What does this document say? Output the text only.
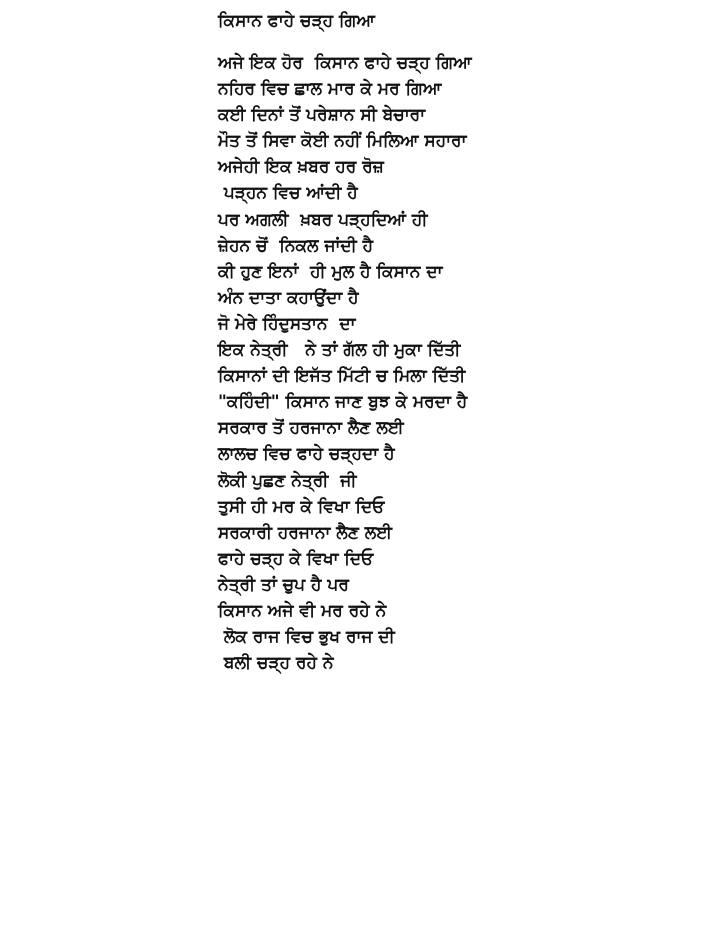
ਕਿਸਾਨ ਫਾਹੇ ਚੜ੍ਹ ਗਿਆ
ਅਜੇ ਇਕ ਹੋਰ  ਕਿਸਾਨ ਫਾਹੇ ਚੜ੍ਹ ਗਿਆ
ਨਹਿਰ ਵਿਚ ਛਾਲ ਮਾਰ ਕੇ ਮਰ ਗਿਆ
ਕਈ ਦਿਨਾਂ ਤੋਂ ਪਰੇਸ਼ਾਨ ਸੀ ਬੇਚਾਰਾ
ਮੌਤ ਤੋਂ ਸਿਵਾ ਕੋਈ ਨਹੀਂ ਮਿਲਿਆ ਸਹਾਰਾ
ਅਜੇਹੀ ਇਕ ਖ਼ਬਰ ਹਰ ਰੋਜ਼
ਪੜ੍ਹਨ ਵਿਚ ਆਂਦੀ ਹੈ
ਪਰ ਅਗਲੀ  ਖ਼ਬਰ ਪੜ੍ਹਦਿਆਂ ਹੀ
ਜ਼ੇਹਨ ਚੋਂ  ਨਿਕਲ ਜਾਂਦੀ ਹੈ
ਕੀ ਹੁਣ ਇਨਾਂ  ਹੀ ਮੁਲ ਹੈ ਕਿਸਾਨ ਦਾ
ਅੰਨ ਦਾਤਾ ਕਹਾਉਂਦਾ ਹੈ
ਜੋ ਮੇਰੇ ਹਿੰਦੁਸਤਾਨ  ਦਾ
ਇਕ ਨੇਤ੍ਰੀ   ਨੇ ਤਾਂ ਗੱਲ ਹੀ ਮੁਕਾ ਦਿੱਤੀ
ਕਿਸਾਨਾਂ ਦੀ ਇਜੱਤ ਮਿੱਟੀ ਚ ਮਿਲਾ ਦਿੱਤੀ
"ਕਹਿੰਦੀ" ਕਿਸਾਨ ਜਾਣ ਬੁਝ ਕੇ ਮਰਦਾ ਹੈ
ਸਰਕਾਰ ਤੋਂ ਹਰਜਾਨਾ ਲੈਣ ਲਈ
ਲਾਲਚ ਵਿਚ ਫਾਹੇ ਚੜ੍ਹਦਾ ਹੈ
ਲੋਕੀ ਪੁਛਣ ਨੇਤ੍ਰੀ  ਜੀ
ਤੁਸੀ ਹੀ ਮਰ ਕੇ ਵਿਖਾ ਦਿਓ
ਸਰਕਾਰੀ ਹਰਜਾਨਾ ਲੈਣ ਲਈ
ਫਾਹੇ ਚੜ੍ਹ ਕੇ ਵਿਖਾ ਦਿਓ
ਨੇਤ੍ਰੀ ਤਾਂ ਚੁਪ ਹੈ ਪਰ
ਕਿਸਾਨ ਅਜੇ ਵੀ ਮਰ ਰਹੇ ਨੇ
ਲੋਕ ਰਾਜ ਵਿਚ ਭੁਖ ਰਾਜ ਦੀ
ਬਲੀ ਚੜ੍ਹ ਰਹੇ ਨੇ
